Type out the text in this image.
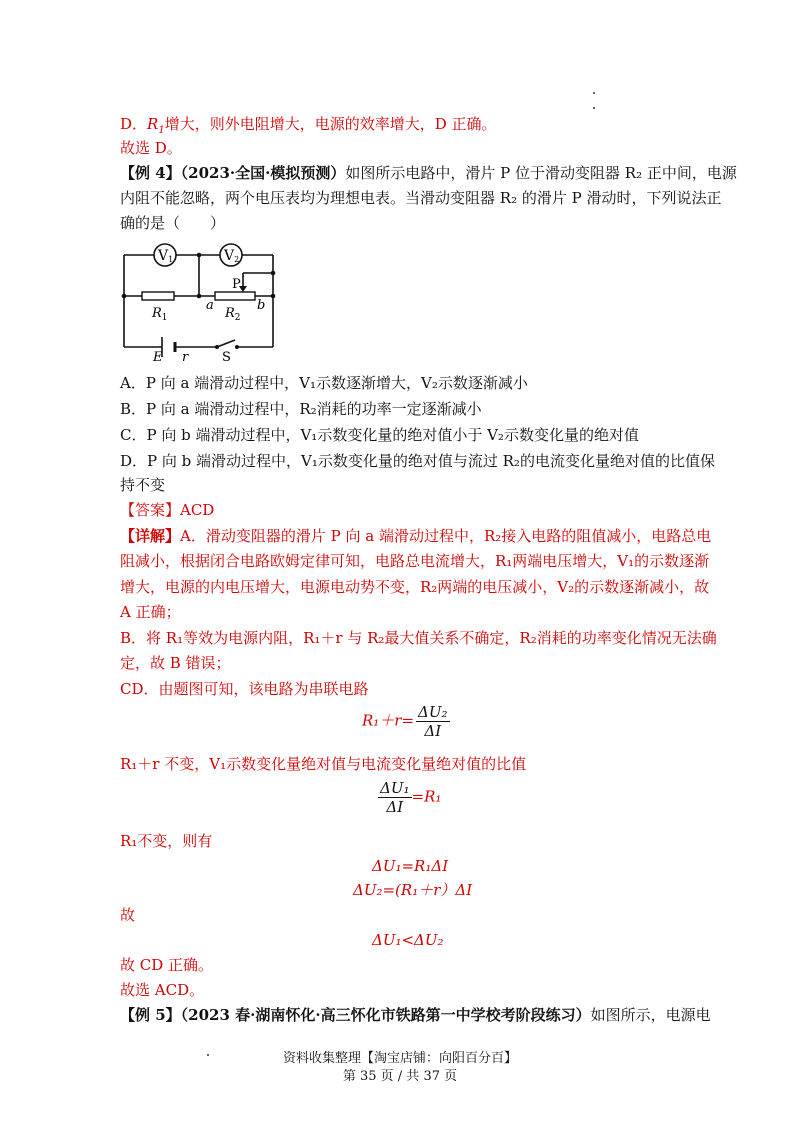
D．$R_1$增大，则外电阻增大，电源的效率增大，D 正确。
故选 D。
【例 4】（2023·全国·模拟预测）如图所示电路中，滑片 P 位于滑动变阻器 R₂ 正中间，电源
内阻不能忽略，两个电压表均为理想电表。当滑动变阻器 R₂ 的滑片 P 滑动时，下列说法正
确的是（　　）
V1	V2
P
a	b
$R_1$	$R_2$
E r	S
A．P 向 a 端滑动过程中，V₁示数逐渐增大，V₂示数逐渐减小
B．P 向 a 端滑动过程中，R₂消耗的功率一定逐渐减小
C．P 向 b 端滑动过程中，V₁示数变化量的绝对值小于 V₂示数变化量的绝对值
D．P 向 b 端滑动过程中，V₁示数变化量的绝对值与流过 R₂的电流变化量绝对值的比值保
持不变
【答案】ACD
【详解】A．滑动变阻器的滑片 P 向 a 端滑动过程中，R₂接入电路的阻值减小，电路总电
阻减小，根据闭合电路欧姆定律可知，电路总电流增大，R₁两端电压增大，V₁的示数逐渐
增大，电源的内电压增大，电源电动势不变，R₂两端的电压减小，V₂的示数逐渐减小，故
A 正确；
B．将 R₁等效为电源内阻，R₁＋r 与 R₂最大值关系不确定，R₂消耗的功率变化情况无法确
定，故 B 错误；
CD．由题图可知，该电路为串联电路
$R_1+r= \frac{\text{ΔU₂}}{\Delta I}$
R₁＋r 不变，V₁示数变化量绝对值与电流变化量绝对值的比值
$\frac{\text{ΔU₁}}{\Delta I} =R_1$
R₁不变，则有
ΔU₁=R₁ΔI
ΔU₂=(R₁＋r）ΔI
故
ΔU₁<ΔU₂
故 CD 正确。
故选 ACD。
【例 5】（2023 春·湖南怀化·高三怀化市铁路第一中学校考阶段练习）如图所示，电源电
资料收集整理【淘宝店铺：向阳百分百】
第 35 页 / 共 37 页
